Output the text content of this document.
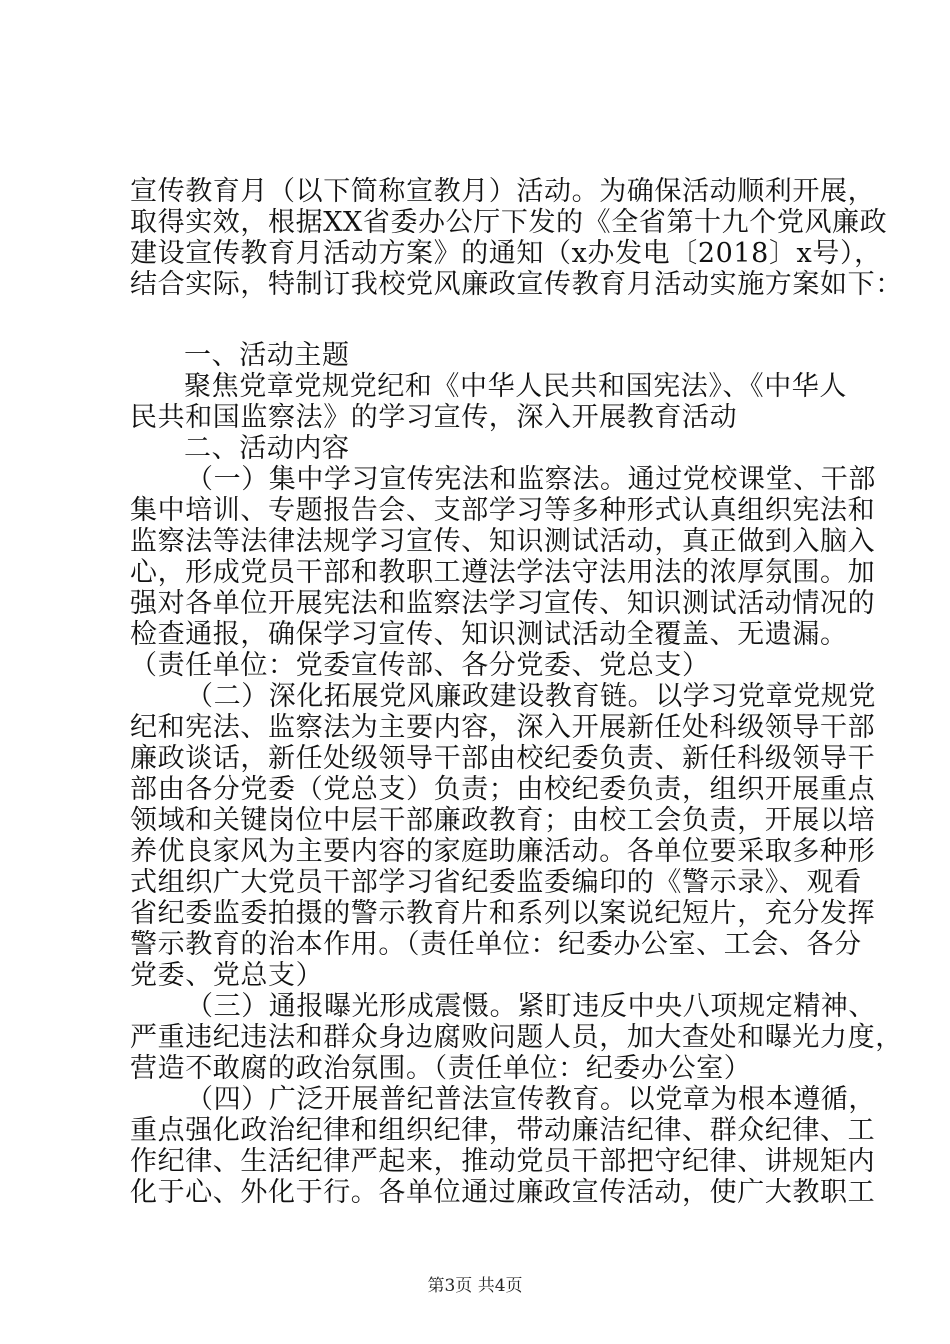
宣传教育月（以下简称宣教月）活动。为确保活动顺利开展，
取得实效，根据XX省委办公厅下发的《全省第十九个党风廉政
建设宣传教育月活动方案》的通知（x办发电〔2018〕x号），
结合实际，特制订我校党风廉政宣传教育月活动实施方案如下：
一、活动主题
聚焦党章党规党纪和《中华人民共和国宪法》、《中华人
民共和国监察法》的学习宣传，深入开展教育活动
二、活动内容
（一）集中学习宣传宪法和监察法。通过党校课堂、干部
集中培训、专题报告会、支部学习等多种形式认真组织宪法和
监察法等法律法规学习宣传、知识测试活动，真正做到入脑入
心，形成党员干部和教职工遵法学法守法用法的浓厚氛围。加
强对各单位开展宪法和监察法学习宣传、知识测试活动情况的
检查通报，确保学习宣传、知识测试活动全覆盖、无遗漏。
（责任单位：党委宣传部、各分党委、党总支）
（二）深化拓展党风廉政建设教育链。以学习党章党规党
纪和宪法、监察法为主要内容，深入开展新任处科级领导干部
廉政谈话，新任处级领导干部由校纪委负责、新任科级领导干
部由各分党委（党总支）负责；由校纪委负责，组织开展重点
领域和关键岗位中层干部廉政教育；由校工会负责，开展以培
养优良家风为主要内容的家庭助廉活动。各单位要采取多种形
式组织广大党员干部学习省纪委监委编印的《警示录》、观看
省纪委监委拍摄的警示教育片和系列以案说纪短片，充分发挥
警示教育的治本作用。（责任单位：纪委办公室、工会、各分
党委、党总支）
（三）通报曝光形成震慑。紧盯违反中央八项规定精神、
严重违纪违法和群众身边腐败问题人员，加大查处和曝光力度，
营造不敢腐的政治氛围。（责任单位：纪委办公室）
（四）广泛开展普纪普法宣传教育。以党章为根本遵循，
重点强化政治纪律和组织纪律，带动廉洁纪律、群众纪律、工
作纪律、生活纪律严起来，推动党员干部把守纪律、讲规矩内
化于心、外化于行。各单位通过廉政宣传活动，使广大教职工
第3页 共4页
